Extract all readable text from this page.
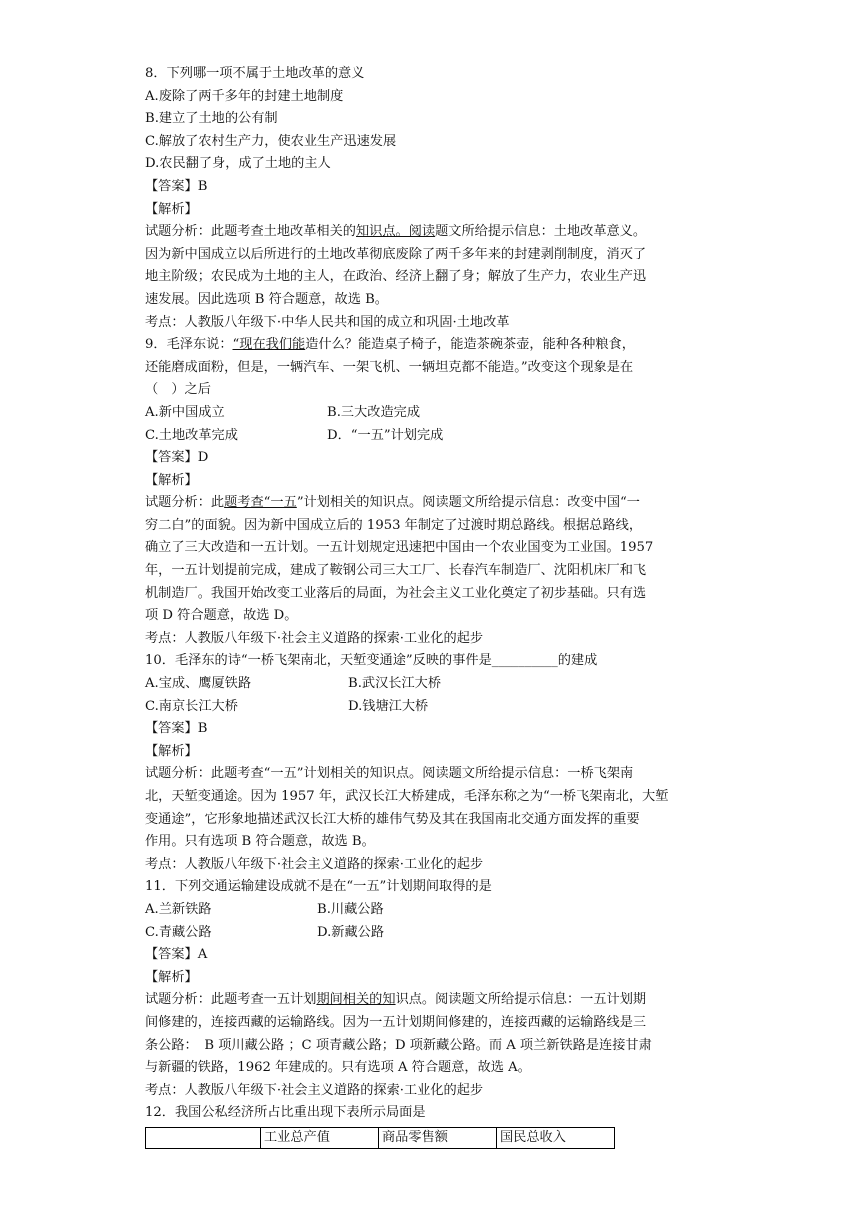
8．下列哪一项不属于土地改革的意义
A.废除了两千多年的封建土地制度
B.建立了土地的公有制
C.解放了农村生产力，使农业生产迅速发展
D.农民翻了身，成了土地的主人
【答案】B
【解析】
试题分析：此题考查土地改革相关的知识点。阅读题文所给提示信息：土地改革意义。
因为新中国成立以后所进行的土地改革彻底废除了两千多年来的封建剥削制度，消灭了
地主阶级；农民成为土地的主人，在政治、经济上翻了身；解放了生产力，农业生产迅
速发展。因此选项 B 符合题意，故选 B。
考点：人教版八年级下·中华人民共和国的成立和巩固·土地改革
9．毛泽东说：“现在我们能造什么？能造桌子椅子，能造茶碗茶壶，能种各种粮食，
还能磨成面粉，但是，一辆汽车、一架飞机、一辆坦克都不能造。”改变这个现象是在
（　）之后
A.新中国成立	B.三大改造完成
C.土地改革完成	D．“一五”计划完成
【答案】D
【解析】
试题分析：此题考查“一五”计划相关的知识点。阅读题文所给提示信息：改变中国“一
穷二白”的面貌。因为新中国成立后的 1953 年制定了过渡时期总路线。根据总路线，
确立了三大改造和一五计划。一五计划规定迅速把中国由一个农业国变为工业国。1957
年，一五计划提前完成，建成了鞍钢公司三大工厂、长春汽车制造厂、沈阳机床厂和飞
机制造厂。我国开始改变工业落后的局面，为社会主义工业化奠定了初步基础。只有选
项 D 符合题意，故选 D。
考点：人教版八年级下·社会主义道路的探索·工业化的起步
10．毛泽东的诗“一桥飞架南北，天堑变通途”反映的事件是__________的建成
A.宝成、鹰厦铁路	B.武汉长江大桥
C.南京长江大桥	D.钱塘江大桥
【答案】B
【解析】
试题分析：此题考查“一五”计划相关的知识点。阅读题文所给提示信息：一桥飞架南
北，天堑变通途。因为 1957 年，武汉长江大桥建成，毛泽东称之为“一桥飞架南北，大堑
变通途”，它形象地描述武汉长江大桥的雄伟气势及其在我国南北交通方面发挥的重要
作用。只有选项 B 符合题意，故选 B。
考点：人教版八年级下·社会主义道路的探索·工业化的起步
11．下列交通运输建设成就不是在“一五”计划期间取得的是
A.兰新铁路	B.川藏公路
C.青藏公路	D.新藏公路
【答案】A
【解析】
试题分析：此题考查一五计划期间相关的知识点。阅读题文所给提示信息：一五计划期
间修建的，连接西藏的运输路线。因为一五计划期间修建的，连接西藏的运输路线是三
条公路：　B 项川藏公路 ；C 项青藏公路；D 项新藏公路。而 A 项兰新铁路是连接甘肃
与新疆的铁路，1962 年建成的。只有选项 A 符合题意，故选 A。
考点：人教版八年级下·社会主义道路的探索·工业化的起步
12．我国公私经济所占比重出现下表所示局面是
	工业总产值	商品零售额	国民总收入
